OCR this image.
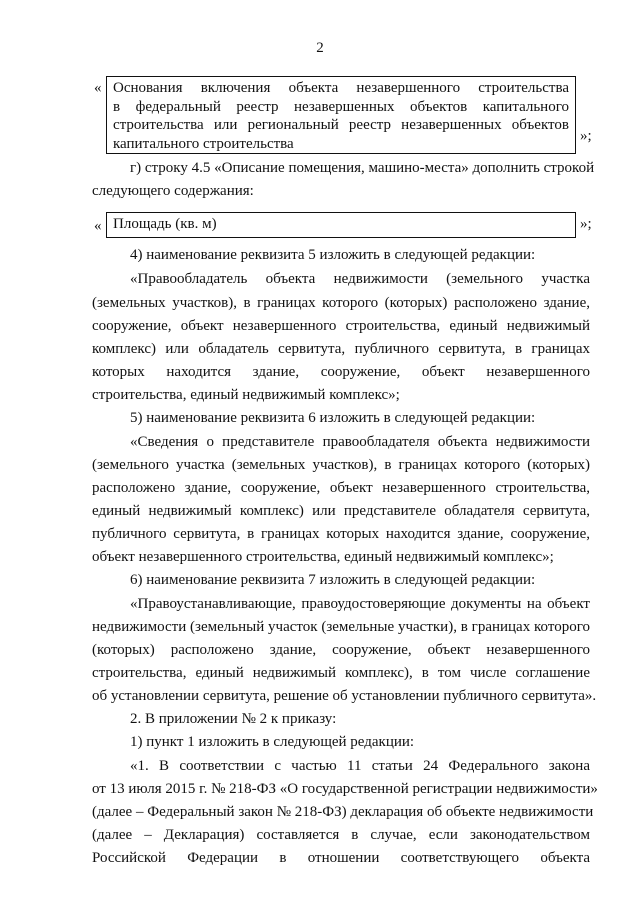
2
« Основания включения объекта незавершенного строительства
в федеральный реестр незавершенных объектов капитального
строительства или региональный реестр незавершенных объектов
капитального строительства	»;
г) строку 4.5 «Описание помещения, машино-места» дополнить строкой
следующего содержания:
« Площадь (кв. м)	»;
4) наименование реквизита 5 изложить в следующей редакции:
«Правообладатель объекта недвижимости (земельного участка
(земельных участков), в границах которого (которых) расположено здание,
сооружение, объект незавершенного строительства, единый недвижимый
комплекс) или обладатель сервитута, публичного сервитута, в границах
которых находится здание, сооружение, объект незавершенного
строительства, единый недвижимый комплекс»;
5) наименование реквизита 6 изложить в следующей редакции:
«Сведения о представителе правообладателя объекта недвижимости
(земельного участка (земельных участков), в границах которого (которых)
расположено здание, сооружение, объект незавершенного строительства,
единый недвижимый комплекс) или представителе обладателя сервитута,
публичного сервитута, в границах которых находится здание, сооружение,
объект незавершенного строительства, единый недвижимый комплекс»;
6) наименование реквизита 7 изложить в следующей редакции:
«Правоустанавливающие, правоудостоверяющие документы на объект
недвижимости (земельный участок (земельные участки), в границах которого
(которых) расположено здание, сооружение, объект незавершенного
строительства, единый недвижимый комплекс), в том числе соглашение
об установлении сервитута, решение об установлении публичного сервитута».
2. В приложении № 2 к приказу:
1) пункт 1 изложить в следующей редакции:
«1. В соответствии с частью 11 статьи 24 Федерального закона
от 13 июля 2015 г. № 218-ФЗ «О государственной регистрации недвижимости»
(далее – Федеральный закон № 218-ФЗ) декларация об объекте недвижимости
(далее – Декларация) составляется в случае, если законодательством
Российской Федерации в отношении соответствующего объекта
